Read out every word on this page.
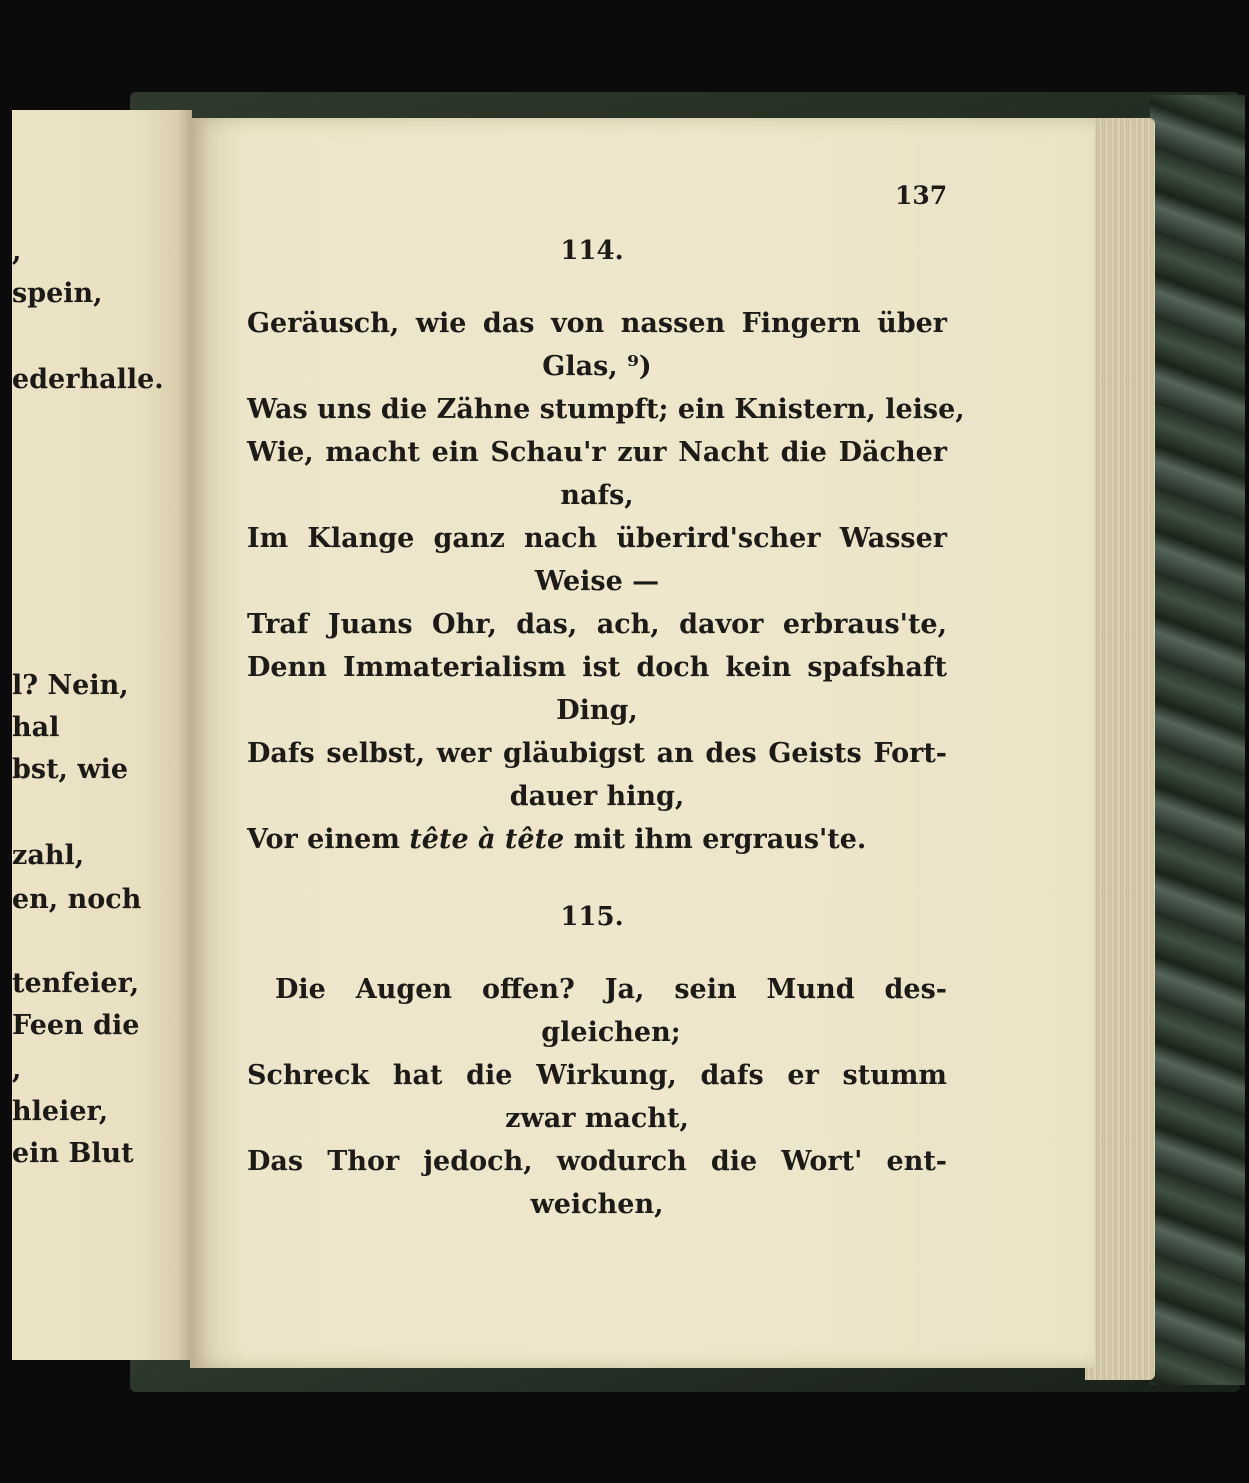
,
spein,
ederhalle.
l? Nein,
hal
bst, wie
zahl,
en, noch
tenfeier,
Feen die
,
hleier,
ein Blut
137
114.
Geräusch, wie das von nassen Fingern über
Glas, ⁹)
Was uns die Zähne stumpft; ein Knistern, leise,
Wie, macht ein Schau'r zur Nacht die Dächer
nafs,
Im Klange ganz nach überird'scher Wasser
Weise —
Traf Juans Ohr, das, ach, davor erbraus'te,
Denn Immaterialism ist doch kein spafshaft
Ding,
Dafs selbst, wer gläubigst an des Geists Fort-
dauer hing,
Vor einem tête à tête mit ihm ergraus'te.
115.
Die Augen offen? Ja, sein Mund des-
gleichen;
Schreck hat die Wirkung, dafs er stumm
zwar macht,
Das Thor jedoch, wodurch die Wort' ent-
weichen,
